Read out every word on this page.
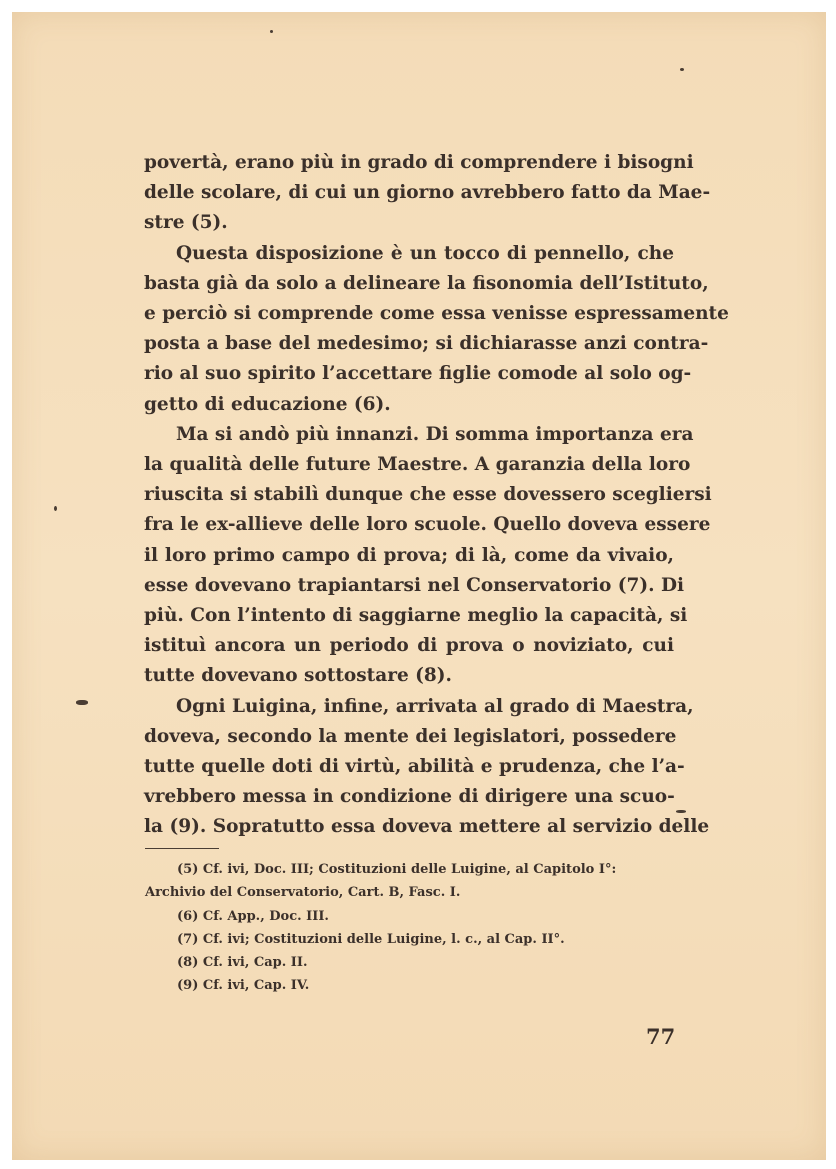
povertà, erano più in grado di comprendere i bisogni
delle scolare, di cui un giorno avrebbero fatto da Mae-
stre (5).
Questa disposizione è un tocco di pennello, che
basta già da solo a delineare la fisonomia dell’Istituto,
e perciò si comprende come essa venisse espressamente
posta a base del medesimo; si dichiarasse anzi contra-
rio al suo spirito l’accettare figlie comode al solo og-
getto di educazione (6).
Ma si andò più innanzi. Di somma importanza era
la qualità delle future Maestre. A garanzia della loro
riuscita si stabilì dunque che esse dovessero scegliersi
fra le ex-allieve delle loro scuole. Quello doveva essere
il loro primo campo di prova; di là, come da vivaio,
esse dovevano trapiantarsi nel Conservatorio (7). Di
più. Con l’intento di saggiarne meglio la capacità, si
istituì ancora un periodo di prova o noviziato, cui
tutte dovevano sottostare (8).
Ogni Luigina, infine, arrivata al grado di Maestra,
doveva, secondo la mente dei legislatori, possedere
tutte quelle doti di virtù, abilità e prudenza, che l’a-
vrebbero messa in condizione di dirigere una scuo-
la (9). Sopratutto essa doveva mettere al servizio delle
(5) Cf. ivi, Doc. III; Costituzioni delle Luigine, al Capitolo I°:
Archivio del Conservatorio, Cart. B, Fasc. I.
(6) Cf. App., Doc. III.
(7) Cf. ivi; Costituzioni delle Luigine, l. c., al Cap. II°.
(8) Cf. ivi, Cap. II.
(9) Cf. ivi, Cap. IV.
77
